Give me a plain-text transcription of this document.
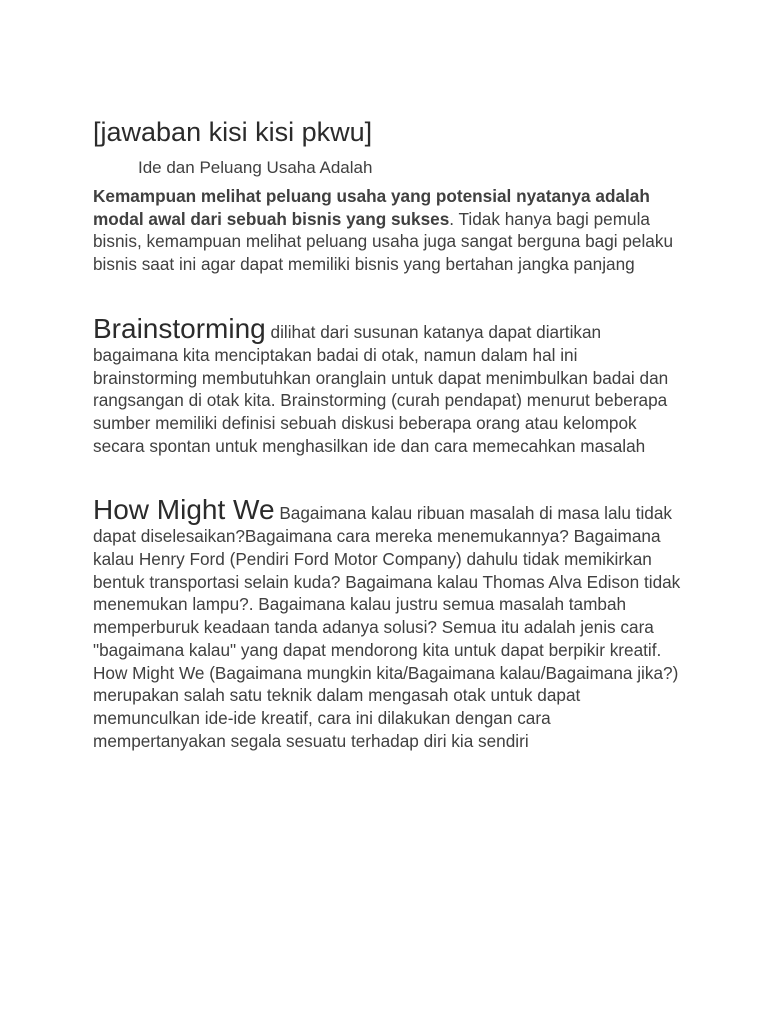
[jawaban kisi kisi pkwu]
Ide dan Peluang Usaha Adalah

Kemampuan melihat peluang usaha yang potensial nyatanya adalah modal awal dari sebuah bisnis yang sukses. Tidak hanya bagi pemula bisnis, kemampuan melihat peluang usaha juga sangat berguna bagi pelaku bisnis saat ini agar dapat memiliki bisnis yang bertahan jangka panjang

Brainstorming dilihat dari susunan katanya dapat diartikan bagaimana kita menciptakan badai di otak, namun dalam hal ini brainstorming membutuhkan oranglain untuk dapat menimbulkan badai dan rangsangan di otak kita. Brainstorming (curah pendapat) menurut beberapa sumber memiliki definisi sebuah diskusi beberapa orang atau kelompok secara spontan untuk menghasilkan ide dan cara memecahkan masalah

How Might We Bagaimana kalau ribuan masalah di masa lalu tidak dapat diselesaikan?Bagaimana cara mereka menemukannya? Bagaimana kalau Henry Ford (Pendiri Ford Motor Company) dahulu tidak memikirkan bentuk transportasi selain kuda? Bagaimana kalau Thomas Alva Edison tidak menemukan lampu?. Bagaimana kalau justru semua masalah tambah memperburuk keadaan tanda adanya solusi? Semua itu adalah jenis cara "bagaimana kalau" yang dapat mendorong kita untuk dapat berpikir kreatif. How Might We (Bagaimana mungkin kita/Bagaimana kalau/Bagaimana jika?) merupakan salah satu teknik dalam mengasah otak untuk dapat memunculkan ide-ide kreatif, cara ini dilakukan dengan cara mempertanyakan segala sesuatu terhadap diri kia sendiri
